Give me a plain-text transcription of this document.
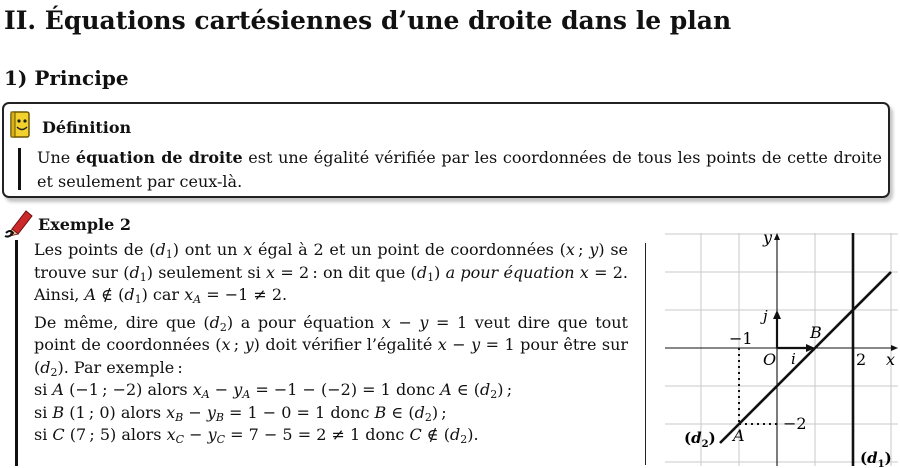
II. Équations cartésiennes d’une droite dans le plan
1) Principe
Définition
Une équation de droite est une égalité vérifiée par les coordonnées de tous les points de cette droite et seulement par ceux-là.
Exemple 2

Les points de $(d_1)$ ont un x égal à 2 et un point de coordonnées (x ; y) se trouve sur $(d_1)$ seulement si x = 2 : on dit que $(d_1)$ a pour équation x = 2. Ainsi, A ∉ $(d_1)$ car $x_A = -1 \ne 2$.

De même, dire que $(d_2)$ a pour équation x − y = 1 veut dire que tout point de coordonnées (x ; y) doit vérifier l’égalité x − y = 1 pour être sur $(d_2)$. Par exemple :

si A (−1 ; −2) alors $x_A - y_A = -1 - (-2) = 1$ donc A ∈ $(d_2)$ ;
si B (1 ; 0) alors $x_B - y_B = 1 - 0 = 1$ donc B ∈ $(d_2)$ ;
si C (7 ; 5) alors $x_C - y_C = 7 - 5 = 2 \ne 1$ donc C ∉ $(d_2)$.
x
y
O i
j
2
−1
−2
A
B
$(d_1)$
$(d_2)$
